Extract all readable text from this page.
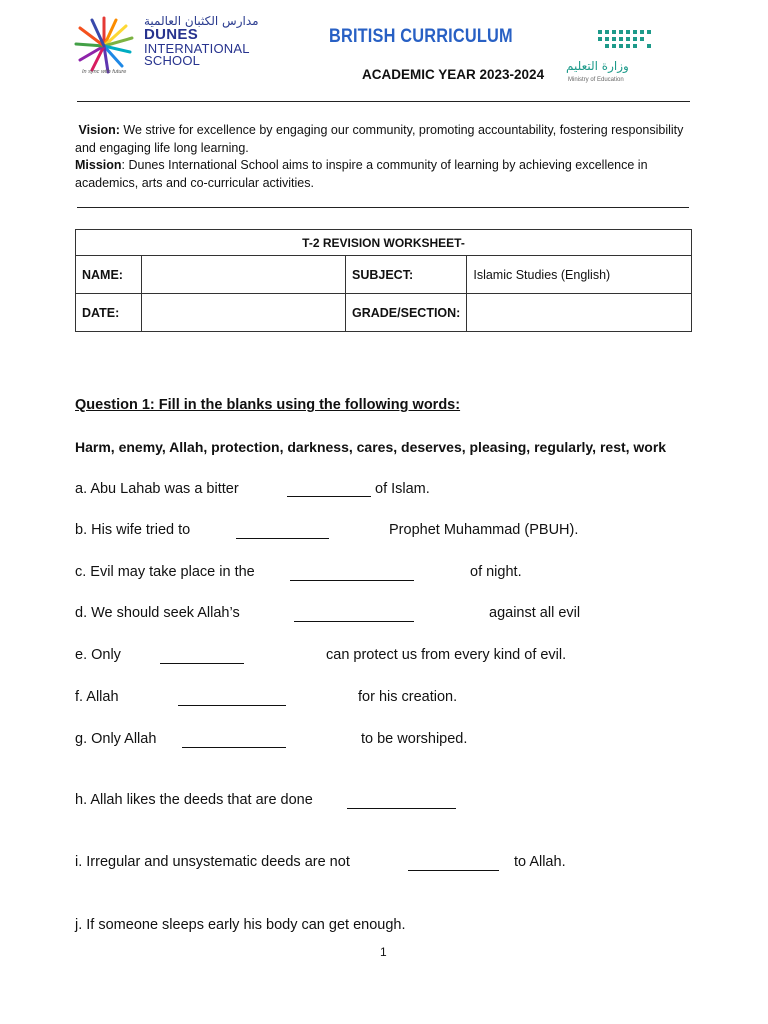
مدارس الكثبان العالمية
DUNES
INTERNATIONAL
SCHOOL
In sync with future
BRITISH CURRICULUM
ACADEMIC YEAR 2023-2024
وزارة التعليم
Ministry of Education

Vision: We strive for excellence by engaging our community, promoting accountability, fostering responsibility and engaging life long learning.

Mission: Dunes International School aims to inspire a community of learning by achieving excellence in academics, arts and co-curricular activities.

T-2 REVISION WORKSHEET-			
NAME:		SUBJECT:	Islamic Studies (English)
DATE:		GRADE/SECTION:	
Question 1: Fill in the blanks using the following words:
Harm, enemy, Allah, protection, darkness, cares, deserves, pleasing, regularly, rest, work
a. Abu Lahab was a bitter	of Islam.
b. His wife tried to	Prophet Muhammad (PBUH).
c. Evil may take place in the	of night.
d. We should seek Allah’s	against all evil
e. Only	can protect us from every kind of evil.
f. Allah	for his creation.
g. Only Allah	to be worshiped.
h. Allah likes the deeds that are done
i. Irregular and unsystematic deeds are not	to Allah.
j. If someone sleeps early his body can get enough.
1
